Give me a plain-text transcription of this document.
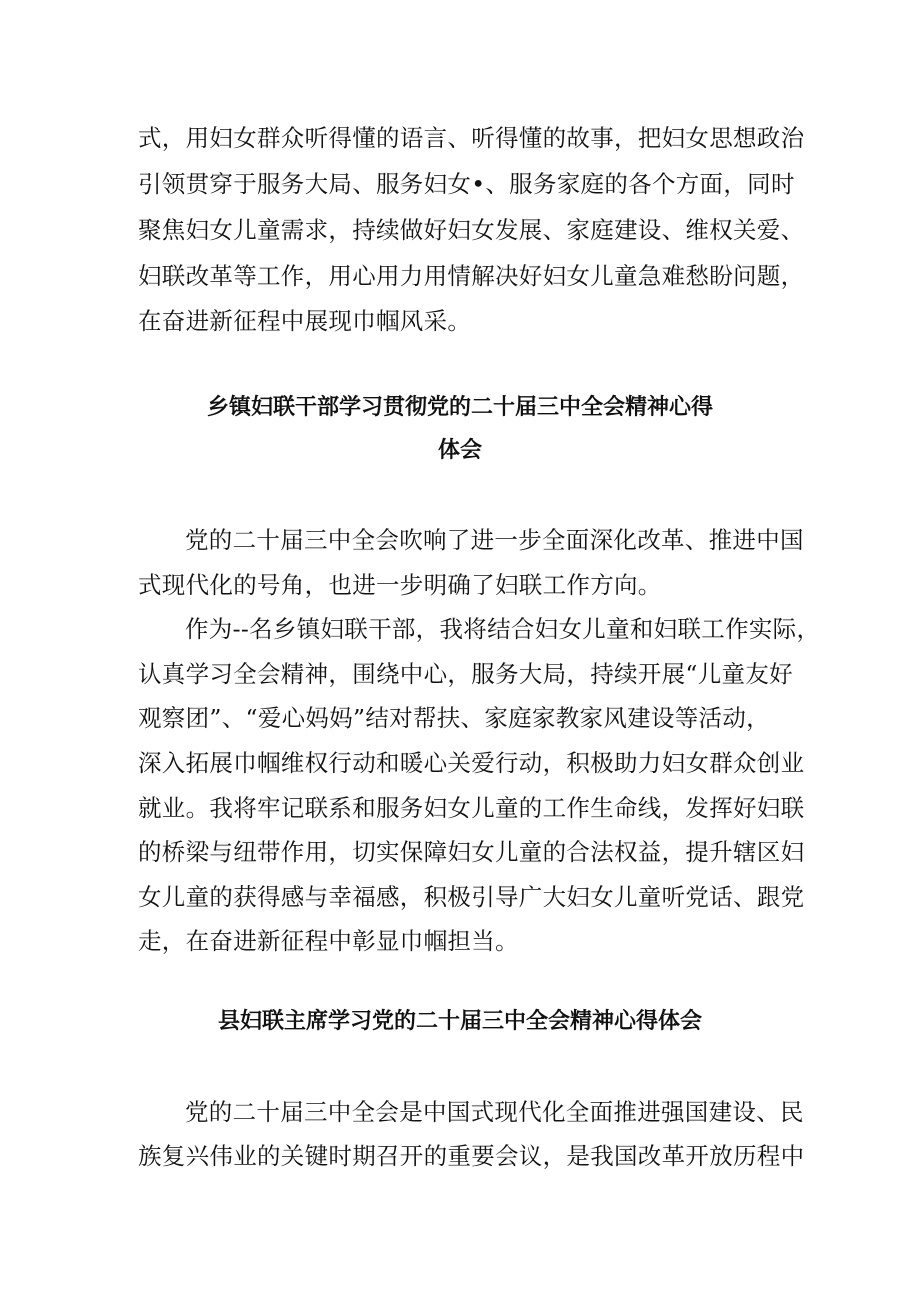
式，用妇女群众听得懂的语言、听得懂的故事，把妇女思想政治
引领贯穿于服务大局、服务妇女•、服务家庭的各个方面，同时
聚焦妇女儿童需求，持续做好妇女发展、家庭建设、维权关爱、
妇联改革等工作，用心用力用情解决好妇女儿童急难愁盼问题，
在奋进新征程中展现巾帼风采。
乡镇妇联干部学习贯彻党的二十届三中全会精神心得
体会
党的二十届三中全会吹响了进一步全面深化改革、推进中国
式现代化的号角，也进一步明确了妇联工作方向。
作为--名乡镇妇联干部，我将结合妇女儿童和妇联工作实际，
认真学习全会精神，围绕中心，服务大局，持续开展“儿童友好
观察团”、“爱心妈妈”结对帮扶、家庭家教家风建设等活动，
深入拓展巾帼维权行动和暖心关爱行动，积极助力妇女群众创业
就业。我将牢记联系和服务妇女儿童的工作生命线，发挥好妇联
的桥梁与纽带作用，切实保障妇女儿童的合法权益，提升辖区妇
女儿童的获得感与幸福感，积极引导广大妇女儿童听党话、跟党
走，在奋进新征程中彰显巾帼担当。
县妇联主席学习党的二十届三中全会精神心得体会
党的二十届三中全会是中国式现代化全面推进强国建设、民
族复兴伟业的关键时期召开的重要会议，是我国改革开放历程中
